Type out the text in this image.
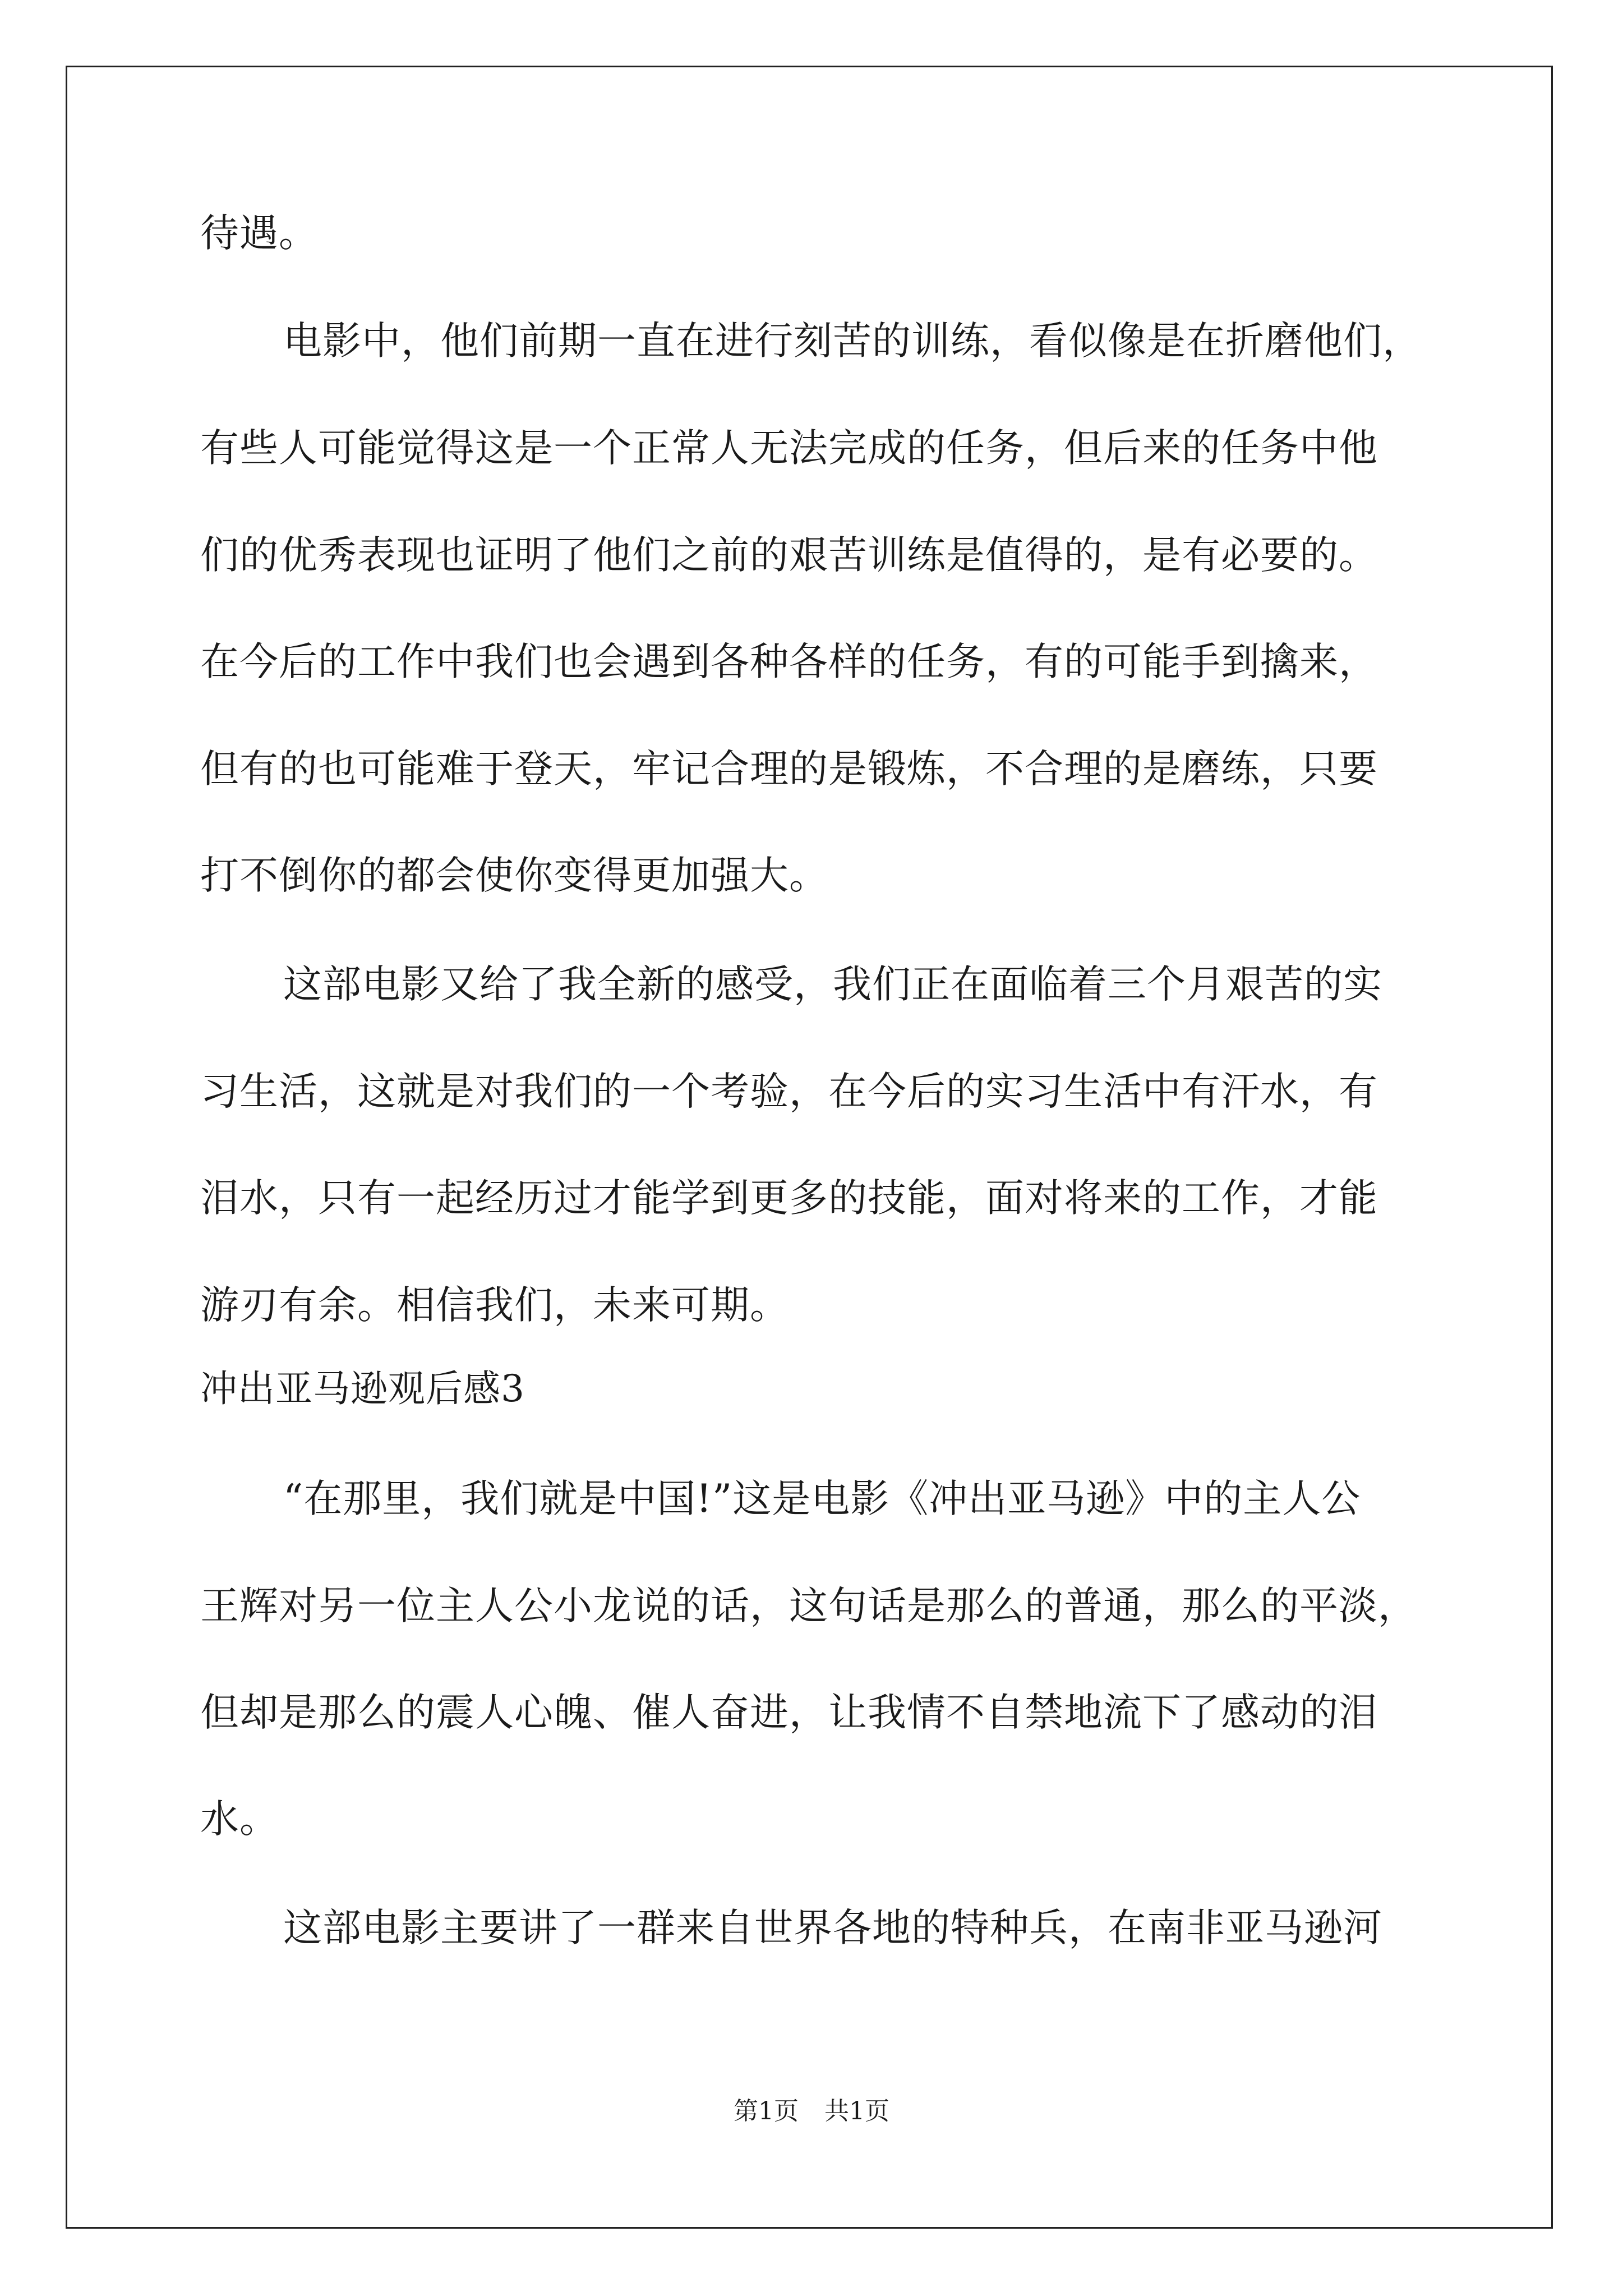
待遇。
电影中，他们前期一直在进行刻苦的训练，看似像是在折磨他们，
有些人可能觉得这是一个正常人无法完成的任务，但后来的任务中他
们的优秀表现也证明了他们之前的艰苦训练是值得的，是有必要的。
在今后的工作中我们也会遇到各种各样的任务，有的可能手到擒来，
但有的也可能难于登天，牢记合理的是锻炼，不合理的是磨练，只要
打不倒你的都会使你变得更加强大。
这部电影又给了我全新的感受，我们正在面临着三个月艰苦的实
习生活，这就是对我们的一个考验，在今后的实习生活中有汗水，有
泪水，只有一起经历过才能学到更多的技能，面对将来的工作，才能
游刃有余。相信我们，未来可期。
冲出亚马逊观后感3
“在那里，我们就是中国!”这是电影《冲出亚马逊》中的主人公
王辉对另一位主人公小龙说的话，这句话是那么的普通，那么的平淡，
但却是那么的震人心魄、催人奋进，让我情不自禁地流下了感动的泪
水。
这部电影主要讲了一群来自世界各地的特种兵，在南非亚马逊河
第1页 共1页
